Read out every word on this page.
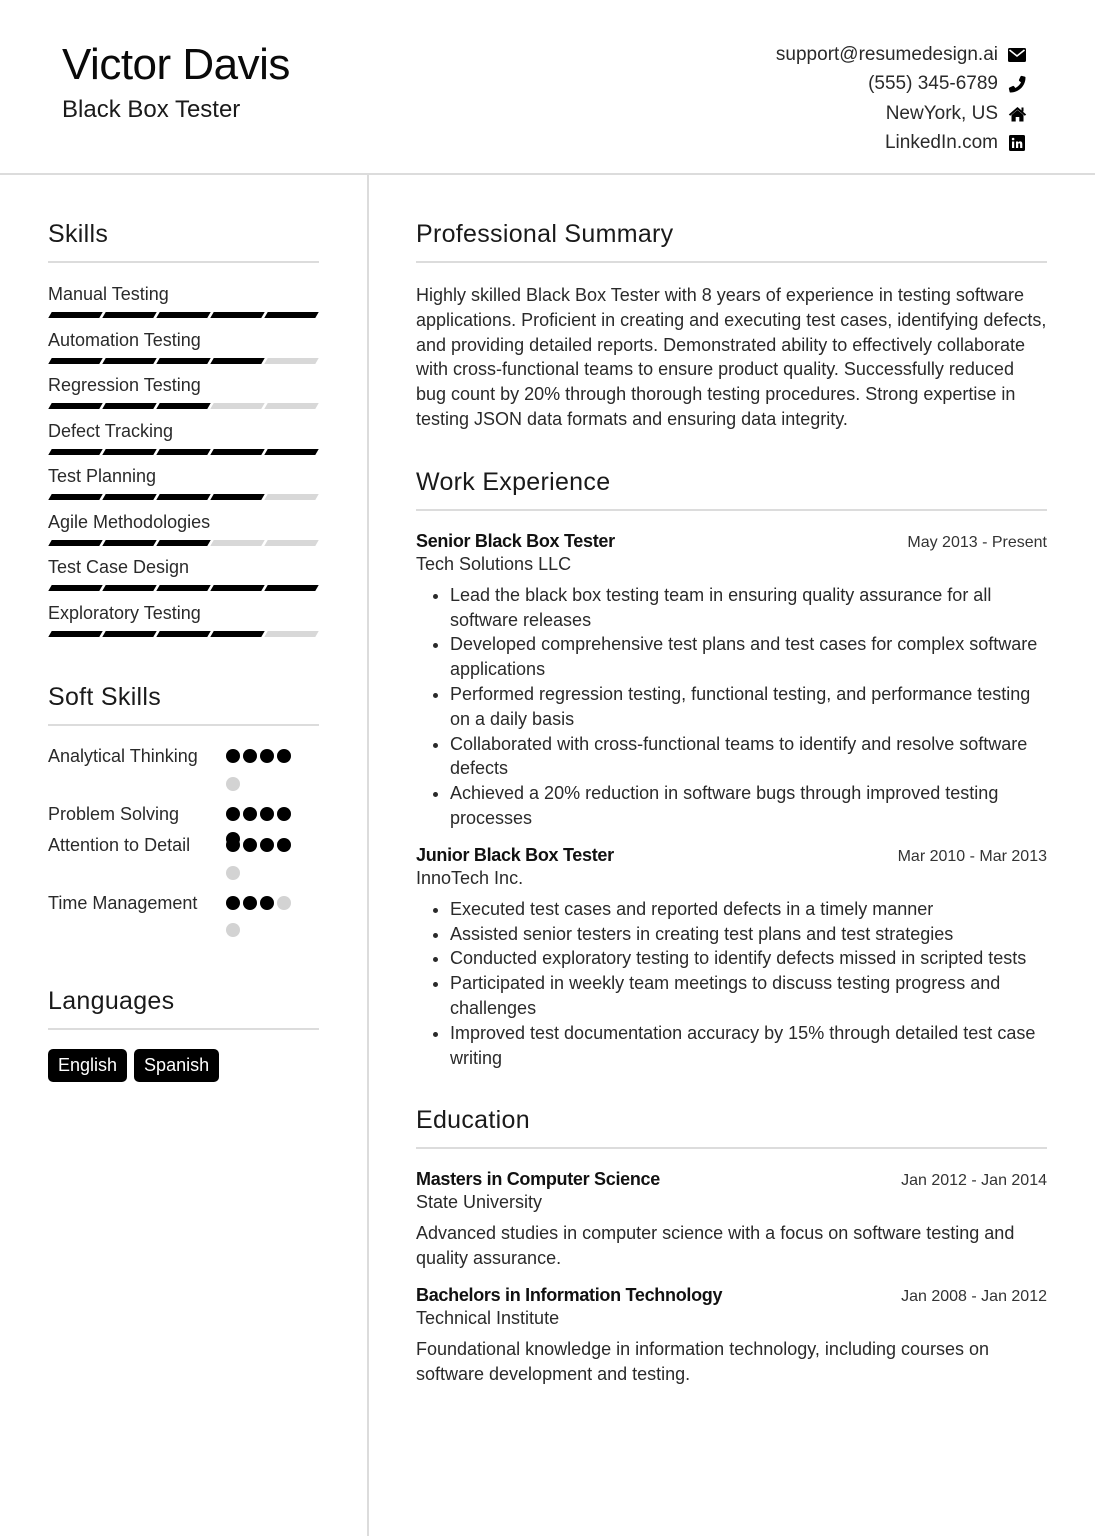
Victor Davis
Black Box Tester
support@resumedesign.ai
(555) 345-6789
NewYork, US
LinkedIn.com
Skills
Manual Testing
Automation Testing
Regression Testing
Defect Tracking
Test Planning
Agile Methodologies
Test Case Design
Exploratory Testing
Soft Skills
Analytical Thinking
Problem Solving
Attention to Detail
Time Management
Languages
English	Spanish
Professional Summary
Highly skilled Black Box Tester with 8 years of experience in testing software applications. Proficient in creating and executing test cases, identifying defects, and providing detailed reports. Demonstrated ability to effectively collaborate with cross-functional teams to ensure product quality. Successfully reduced bug count by 20% through thorough testing procedures. Strong expertise in testing JSON data formats and ensuring data integrity.
Work Experience
Senior Black Box Tester	May 2013 - Present
Tech Solutions LLC
• Lead the black box testing team in ensuring quality assurance for all software releases
• Developed comprehensive test plans and test cases for complex software applications
• Performed regression testing, functional testing, and performance testing on a daily basis
• Collaborated with cross-functional teams to identify and resolve software defects
• Achieved a 20% reduction in software bugs through improved testing processes
Junior Black Box Tester	Mar 2010 - Mar 2013
InnoTech Inc.
• Executed test cases and reported defects in a timely manner
• Assisted senior testers in creating test plans and test strategies
• Conducted exploratory testing to identify defects missed in scripted tests
• Participated in weekly team meetings to discuss testing progress and challenges
• Improved test documentation accuracy by 15% through detailed test case writing
Education
Masters in Computer Science	Jan 2012 - Jan 2014
State University
Advanced studies in computer science with a focus on software testing and quality assurance.
Bachelors in Information Technology	Jan 2008 - Jan 2012
Technical Institute
Foundational knowledge in information technology, including courses on software development and testing.
